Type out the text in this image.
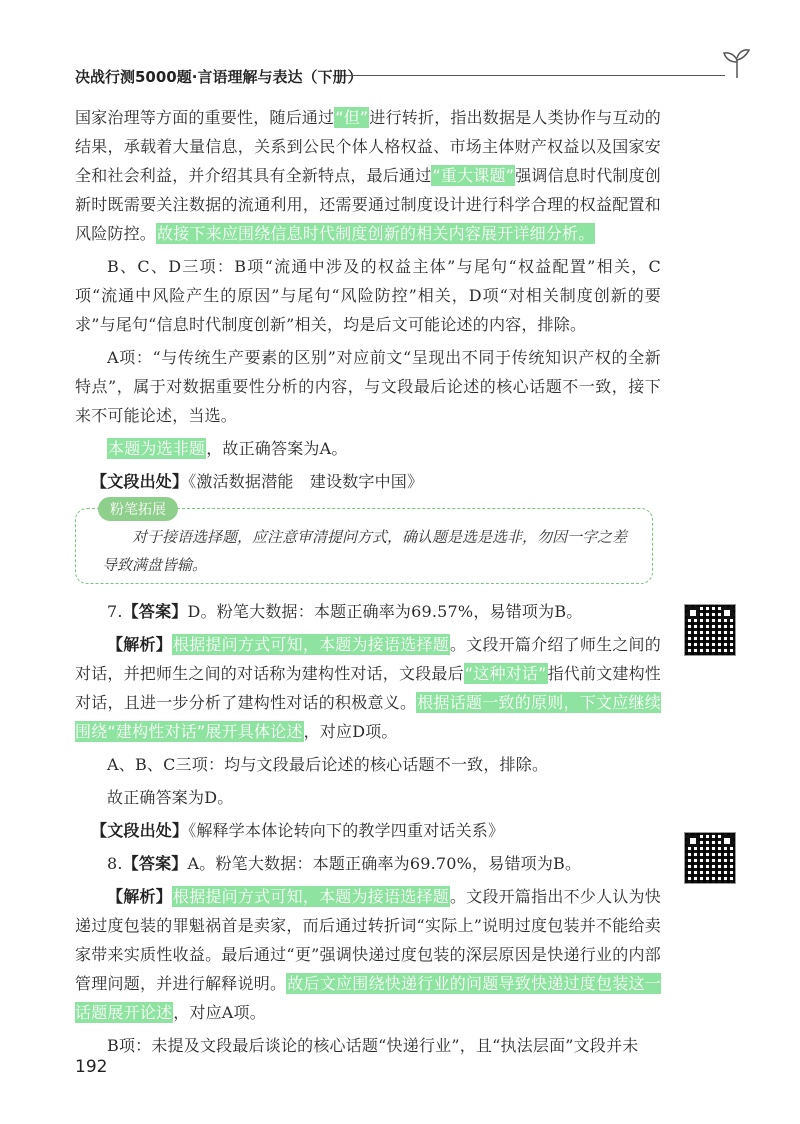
决战行测5000题·言语理解与表达（下册）

国家治理等方面的重要性，随后通过“但”进行转折，指出数据是人类协作与互动的结果，承载着大量信息，关系到公民个体人格权益、市场主体财产权益以及国家安全和社会利益，并介绍其具有全新特点，最后通过“重大课题”强调信息时代制度创新时既需要关注数据的流通利用，还需要通过制度设计进行科学合理的权益配置和风险防控。故接下来应围绕信息时代制度创新的相关内容展开详细分析。

B、C、D三项：B项“流通中涉及的权益主体”与尾句“权益配置”相关，C项“流通中风险产生的原因”与尾句“风险防控”相关，D项“对相关制度创新的要求”与尾句“信息时代制度创新”相关，均是后文可能论述的内容，排除。

A项：“与传统生产要素的区别”对应前文“呈现出不同于传统知识产权的全新特点”，属于对数据重要性分析的内容，与文段最后论述的核心话题不一致，接下来不可能论述，当选。

本题为选非题，故正确答案为A。

【文段出处】《激活数据潜能　建设数字中国》

粉笔拓展
对于接语选择题，应注意审清提问方式，确认题是选是选非，勿因一字之差导致满盘皆输。

7.【答案】D。粉笔大数据：本题正确率为69.57%，易错项为B。

【解析】根据提问方式可知，本题为接语选择题。文段开篇介绍了师生之间的对话，并把师生之间的对话称为建构性对话，文段最后“这种对话”指代前文建构性对话，且进一步分析了建构性对话的积极意义。根据话题一致的原则，下文应继续围绕“建构性对话”展开具体论述，对应D项。

A、B、C三项：均与文段最后论述的核心话题不一致，排除。

故正确答案为D。

【文段出处】《解释学本体论转向下的教学四重对话关系》

8.【答案】A。粉笔大数据：本题正确率为69.70%，易错项为B。

【解析】根据提问方式可知，本题为接语选择题。文段开篇指出不少人认为快递过度包装的罪魁祸首是卖家，而后通过转折词“实际上”说明过度包装并不能给卖家带来实质性收益。最后通过“更”强调快递过度包装的深层原因是快递行业的内部管理问题，并进行解释说明。故后文应围绕快递行业的问题导致快递过度包装这一话题展开论述，对应A项。

B项：未提及文段最后谈论的核心话题“快递行业”，且“执法层面”文段并未

192
